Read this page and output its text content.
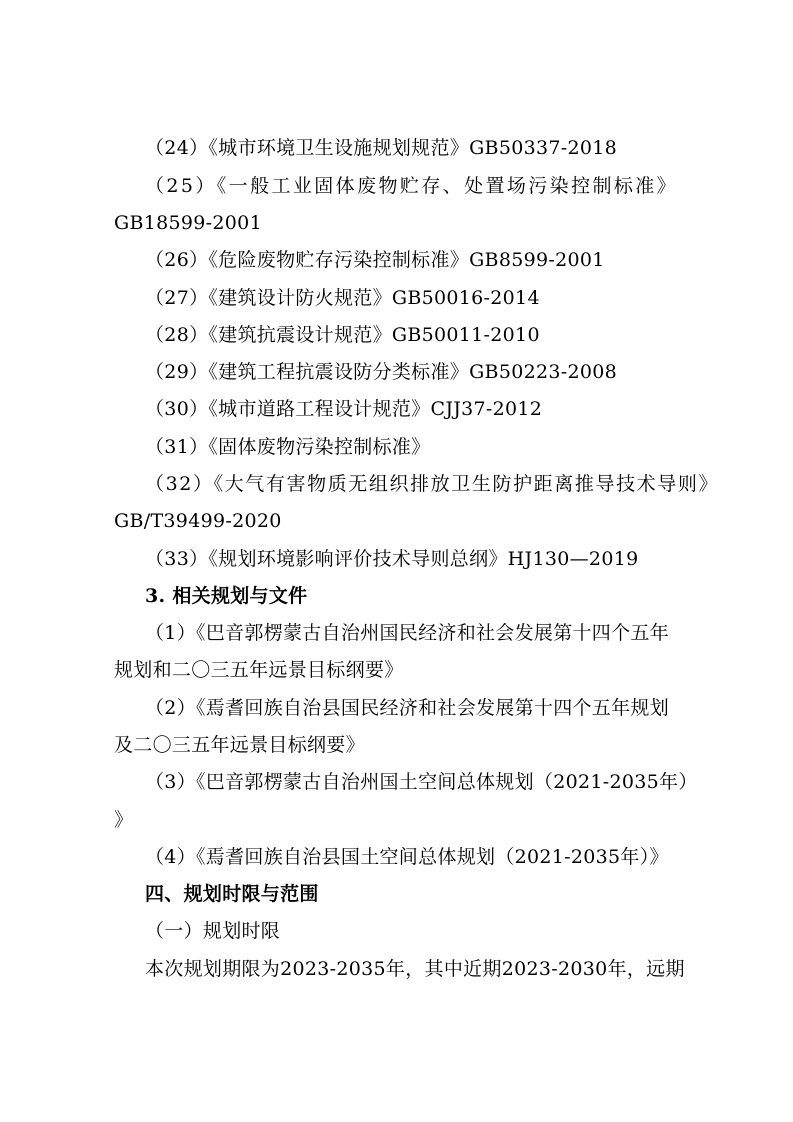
（24）《城市环境卫生设施规划规范》GB50337-2018
（25）《一般工业固体废物贮存、处置场污染控制标准》
GB18599-2001
（26）《危险废物贮存污染控制标准》GB8599-2001
（27）《建筑设计防火规范》GB50016-2014
（28）《建筑抗震设计规范》GB50011-2010
（29）《建筑工程抗震设防分类标准》GB50223-2008
（30）《城市道路工程设计规范》CJJ37-2012
（31）《固体废物污染控制标准》
（32）《大气有害物质无组织排放卫生防护距离推导技术导则》
GB/T39499-2020
（33）《规划环境影响评价技术导则总纲》HJ130—2019
3. 相关规划与文件
（1）《巴音郭楞蒙古自治州国民经济和社会发展第十四个五年
规划和二〇三五年远景目标纲要》
（2）《焉耆回族自治县国民经济和社会发展第十四个五年规划
及二〇三五年远景目标纲要》
（3）《巴音郭楞蒙古自治州国土空间总体规划（2021-2035年）
》
（4）《焉耆回族自治县国土空间总体规划（2021-2035年）》
四、规划时限与范围
（一）规划时限
本次规划期限为2023-2035年，其中近期2023-2030年，远期
